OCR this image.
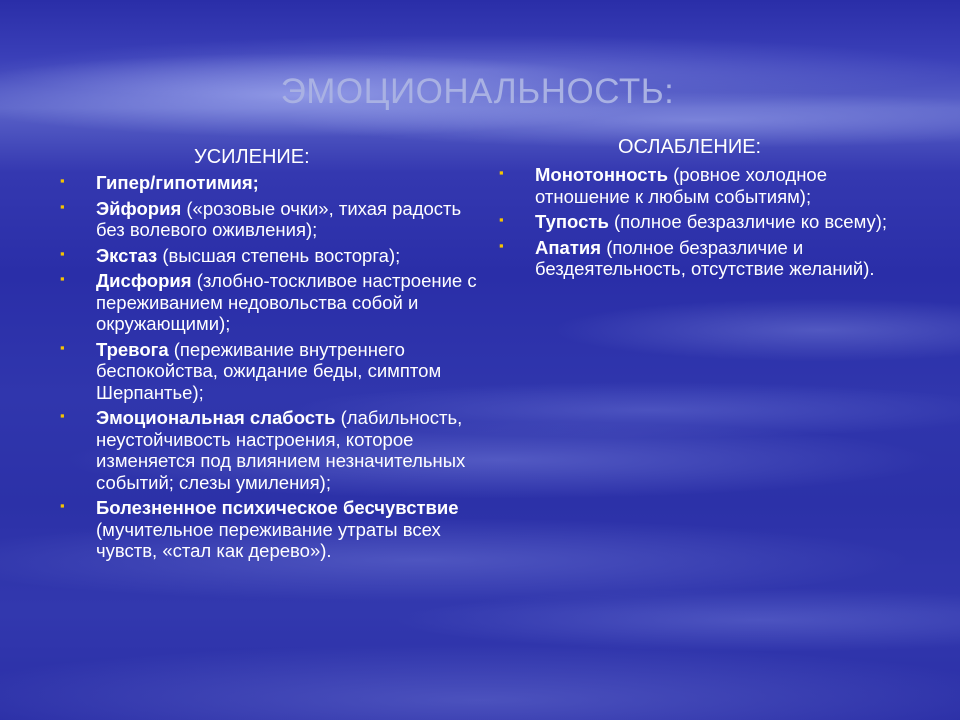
ЭМОЦИОНАЛЬНОСТЬ:
УСИЛЕНИЕ:
▪ Гипер/гипотимия;
▪ Эйфория («розовые очки», тихая радость без волевого оживления);
▪ Экстаз (высшая степень восторга);
▪ Дисфория (злобно-тоскливое настроение с переживанием недовольства собой и окружающими);
▪ Тревога (переживание внутреннего беспокойства, ожидание беды, симптом Шерпантье);
▪ Эмоциональная слабость (лабильность, неустойчивость настроения, которое изменяется под влиянием незначительных событий; слезы умиления);
▪ Болезненное психическое бесчувствие (мучительное переживание утраты всех чувств, «стал как дерево»).
ОСЛАБЛЕНИЕ:
▪ Монотонность (ровное холодное отношение к любым событиям);
▪ Тупость (полное безразличие ко всему);
▪ Апатия (полное безразличие и бездеятельность, отсутствие желаний).
